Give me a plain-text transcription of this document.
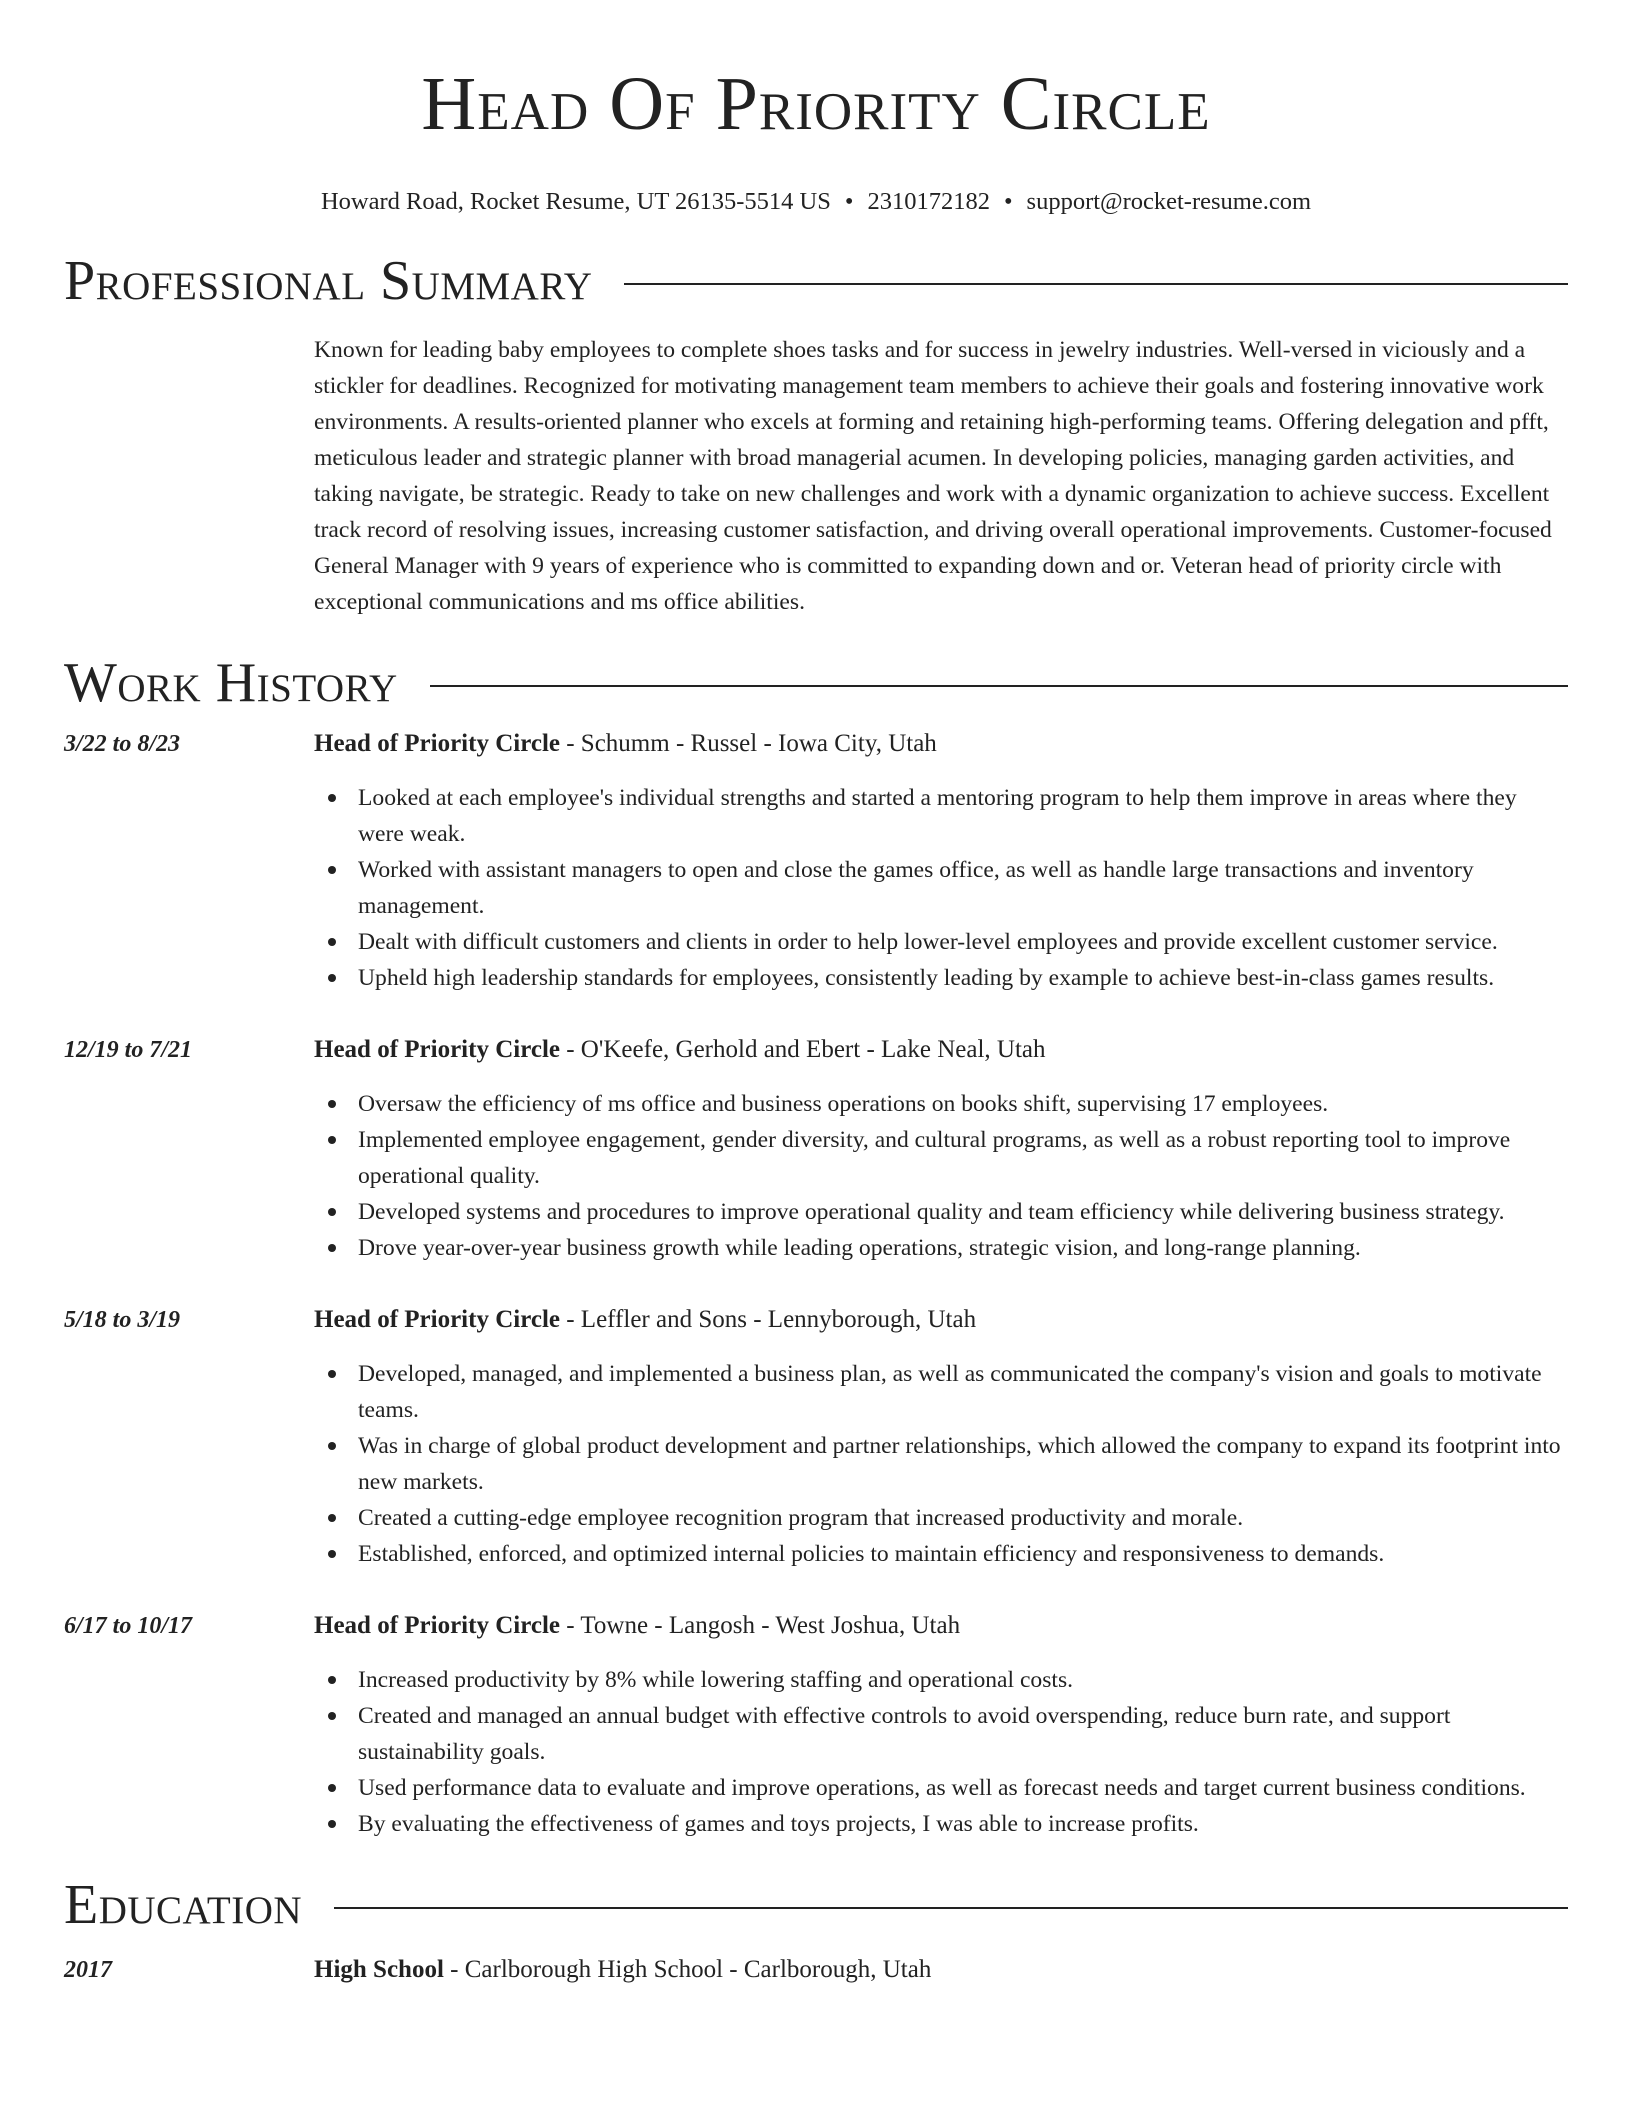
Head Of Priority Circle
Howard Road, Rocket Resume, UT 26135-5514 US • 2310172182 • support@rocket-resume.com
Professional Summary

Known for leading baby employees to complete shoes tasks and for success in jewelry industries. Well-versed in viciously and a stickler for deadlines. Recognized for motivating management team members to achieve their goals and fostering innovative work environments. A results-oriented planner who excels at forming and retaining high-performing teams. Offering delegation and pfft, meticulous leader and strategic planner with broad managerial acumen. In developing policies, managing garden activities, and taking navigate, be strategic. Ready to take on new challenges and work with a dynamic organization to achieve success. Excellent track record of resolving issues, increasing customer satisfaction, and driving overall operational improvements. Customer-focused General Manager with 9 years of experience who is committed to expanding down and or. Veteran head of priority circle with exceptional communications and ms office abilities.

Work History
3/22 to 8/23	Head of Priority Circle - Schumm - Russel - Iowa City, Utah
Looked at each employee's individual strengths and started a mentoring program to help them improve in areas where they were weak.
Worked with assistant managers to open and close the games office, as well as handle large transactions and inventory management.
Dealt with difficult customers and clients in order to help lower-level employees and provide excellent customer service.
Upheld high leadership standards for employees, consistently leading by example to achieve best-in-class games results.
12/19 to 7/21	Head of Priority Circle - O'Keefe, Gerhold and Ebert - Lake Neal, Utah
Oversaw the efficiency of ms office and business operations on books shift, supervising 17 employees.
Implemented employee engagement, gender diversity, and cultural programs, as well as a robust reporting tool to improve operational quality.
Developed systems and procedures to improve operational quality and team efficiency while delivering business strategy.
Drove year-over-year business growth while leading operations, strategic vision, and long-range planning.
5/18 to 3/19	Head of Priority Circle - Leffler and Sons - Lennyborough, Utah
Developed, managed, and implemented a business plan, as well as communicated the company's vision and goals to motivate teams.
Was in charge of global product development and partner relationships, which allowed the company to expand its footprint into new markets.
Created a cutting-edge employee recognition program that increased productivity and morale.
Established, enforced, and optimized internal policies to maintain efficiency and responsiveness to demands.
6/17 to 10/17	Head of Priority Circle - Towne - Langosh - West Joshua, Utah
Increased productivity by 8% while lowering staffing and operational costs.
Created and managed an annual budget with effective controls to avoid overspending, reduce burn rate, and support sustainability goals.
Used performance data to evaluate and improve operations, as well as forecast needs and target current business conditions.
By evaluating the effectiveness of games and toys projects, I was able to increase profits.
Education
2017	High School - Carlborough High School - Carlborough, Utah
